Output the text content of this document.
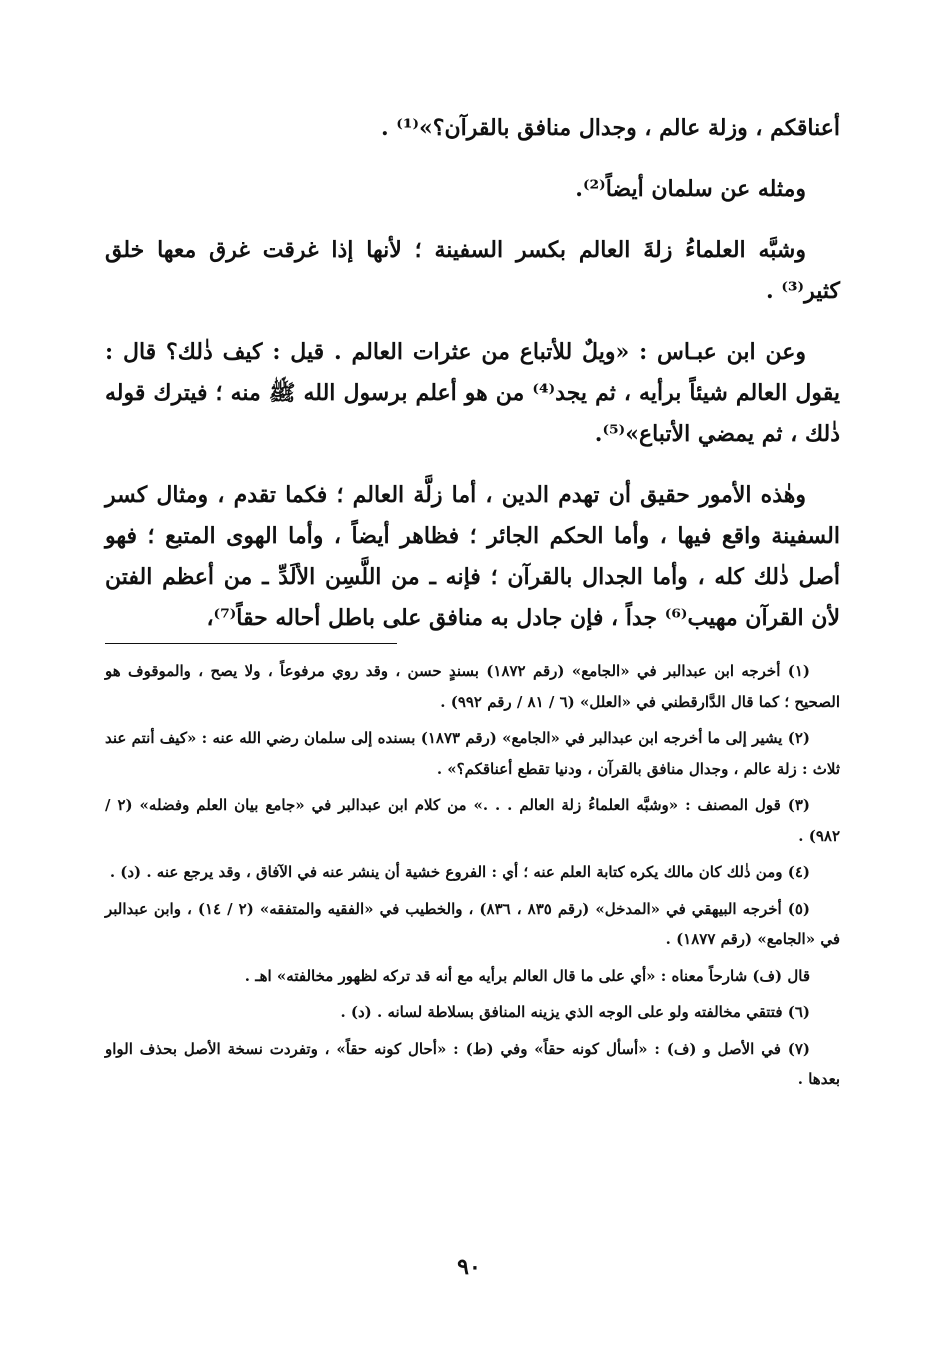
أعناقكم ، وزلة عالم ، وجدال منافق بالقرآن؟»⁽¹⁾ .

ومثله عن سلمان أيضاً⁽²⁾.

وشبَّه العلماءُ زلةَ العالم بكسر السفينة ؛ لأنها إذا غرقت غرق معها خلق كثير⁽³⁾ .

وعن ابن عبـاس : «ويلٌ للأتباع من عثرات العالم . قيل : كيف ذٰلك؟ قال : يقول العالم شيئاً برأيه ، ثم يجد⁽⁴⁾ من هو أعلم برسول الله ﷺ منه ؛ فيترك قوله ذٰلك ، ثم يمضي الأتباع»⁽⁵⁾.

وهٰذه الأمور حقيق أن تهدم الدين ، أما زلَّة العالم ؛ فكما تقدم ، ومثال كسر السفينة واقع فيها ، وأما الحكم الجائر ؛ فظاهر أيضاً ، وأما الهوى المتبع ؛ فهو أصل ذٰلك كله ، وأما الجدال بالقرآن ؛ فإنه ـ من اللَّسِن الألَدِّ ـ من أعظم الفتن لأن القرآن مهيب⁽⁶⁾ جداً ، فإن جادل به منافق على باطل أحاله حقاً⁽⁷⁾،

(١) أخرجه ابن عبدالبر في «الجامع» (رقم ١٨٧٢) بسندٍ حسن ، وقد روي مرفوعاً ، ولا يصح ، والموقوف هو الصحيح ؛ كما قال الدَّارقطني في «العلل» (٦ / ٨١ / رقم ٩٩٢) .

(٢) يشير إلى ما أخرجه ابن عبدالبر في «الجامع» (رقم ١٨٧٣) بسنده إلى سلمان رضي الله عنه : «كيف أنتم عند ثلاث : زلة عالم ، وجدال منافق بالقرآن ، ودنيا تقطع أعناقكم؟» .

(٣) قول المصنف : «وشبَّه العلماءُ زلة العالم . . .» من كلام ابن عبدالبر في «جامع بيان العلم وفضله» (٢ / ٩٨٢) .

(٤) ومن ذٰلك كان مالك يكره كتابة العلم عنه ؛ أي : الفروع خشية أن ينشر عنه في الآفاق ، وقد يرجع عنه . (د) .

(٥) أخرجه البيهقي في «المدخل» (رقم ٨٣٥ ، ٨٣٦) ، والخطيب في «الفقيه والمتفقه» (٢ / ١٤) ، وابن عبدالبر في «الجامع» (رقم ١٨٧٧) .

قال (ف) شارحاً معناه : «أي على ما قال العالم برأيه مع أنه قد تركه لظهور مخالفته» اهـ .

(٦) فتتقي مخالفته ولو على الوجه الذي يزينه المنافق بسلاطة لسانه . (د) .

(٧) في الأصل و (ف) : «أسأل كونه حقاً» وفي (ط) : «أحال كونه حقاً» ، وتفردت نسخة الأصل بحذف الواو بعدها .

٩٠
